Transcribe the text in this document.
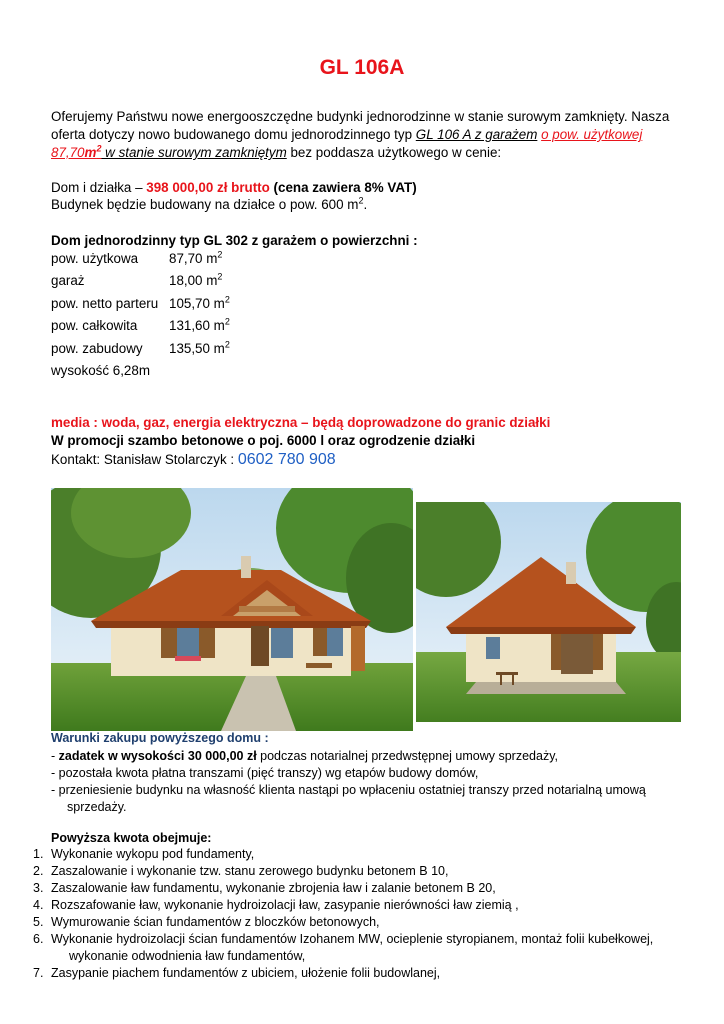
GL 106A
Oferujemy Państwu nowe energooszczędne budynki jednorodzinne w stanie surowym zamknięty. Nasza
oferta dotyczy nowo budowanego domu jednorodzinnego typ GL 106 A z garażem o pow. użytkowej
$87,70m^2$ w stanie surowym zamkniętym bez poddasza użytkowego w cenie:
Dom i działka – 398 000,00 zł brutto (cena zawiera 8% VAT)
Budynek będzie budowany na działce o pow. 600 $m^2$.
Dom jednorodzinny typ GL 302 z garażem o powierzchni :
pow. użytkowa	87,70 $m^2$
garaż	18,00 $m^2$
pow. netto parteru 105,70 $m^2$
pow. całkowita	131,60 $m^2$
pow. zabudowy	135,50 $m^2$
wysokość 6,28m
media : woda, gaz, energia elektryczna – będą doprowadzone do granic działki
W promocji szambo betonowe o poj. 6000 l oraz ogrodzenie działki
Kontakt: Stanisław Stolarczyk : 0602 780 908
Warunki zakupu powyższego domu :
- zadatek w wysokości 30 000,00 zł podczas notarialnej przedwstępnej umowy sprzedaży,
- pozostała kwota płatna transzami (pięć transzy) wg etapów budowy domów,
- przeniesienie budynku na własność klienta nastąpi po wpłaceniu ostatniej transzy przed notarialną umową
sprzedaży.
Powyższa kwota obejmuje:
1. Wykonanie wykopu pod fundamenty,
2. Zaszalowanie i wykonanie tzw. stanu zerowego budynku betonem B 10,
3. Zaszalowanie ław fundamentu, wykonanie zbrojenia ław i zalanie betonem B 20,
4. Rozszafowanie ław, wykonanie hydroizolacji ław, zasypanie nierówności ław ziemią ,
5. Wymurowanie ścian fundamentów z bloczków betonowych,
6. Wykonanie hydroizolacji ścian fundamentów Izohanem MW, ocieplenie styropianem, montaż folii kubełkowej,
wykonanie odwodnienia ław fundamentów,
7. Zasypanie piachem fundamentów z ubiciem, ułożenie folii budowlanej,
